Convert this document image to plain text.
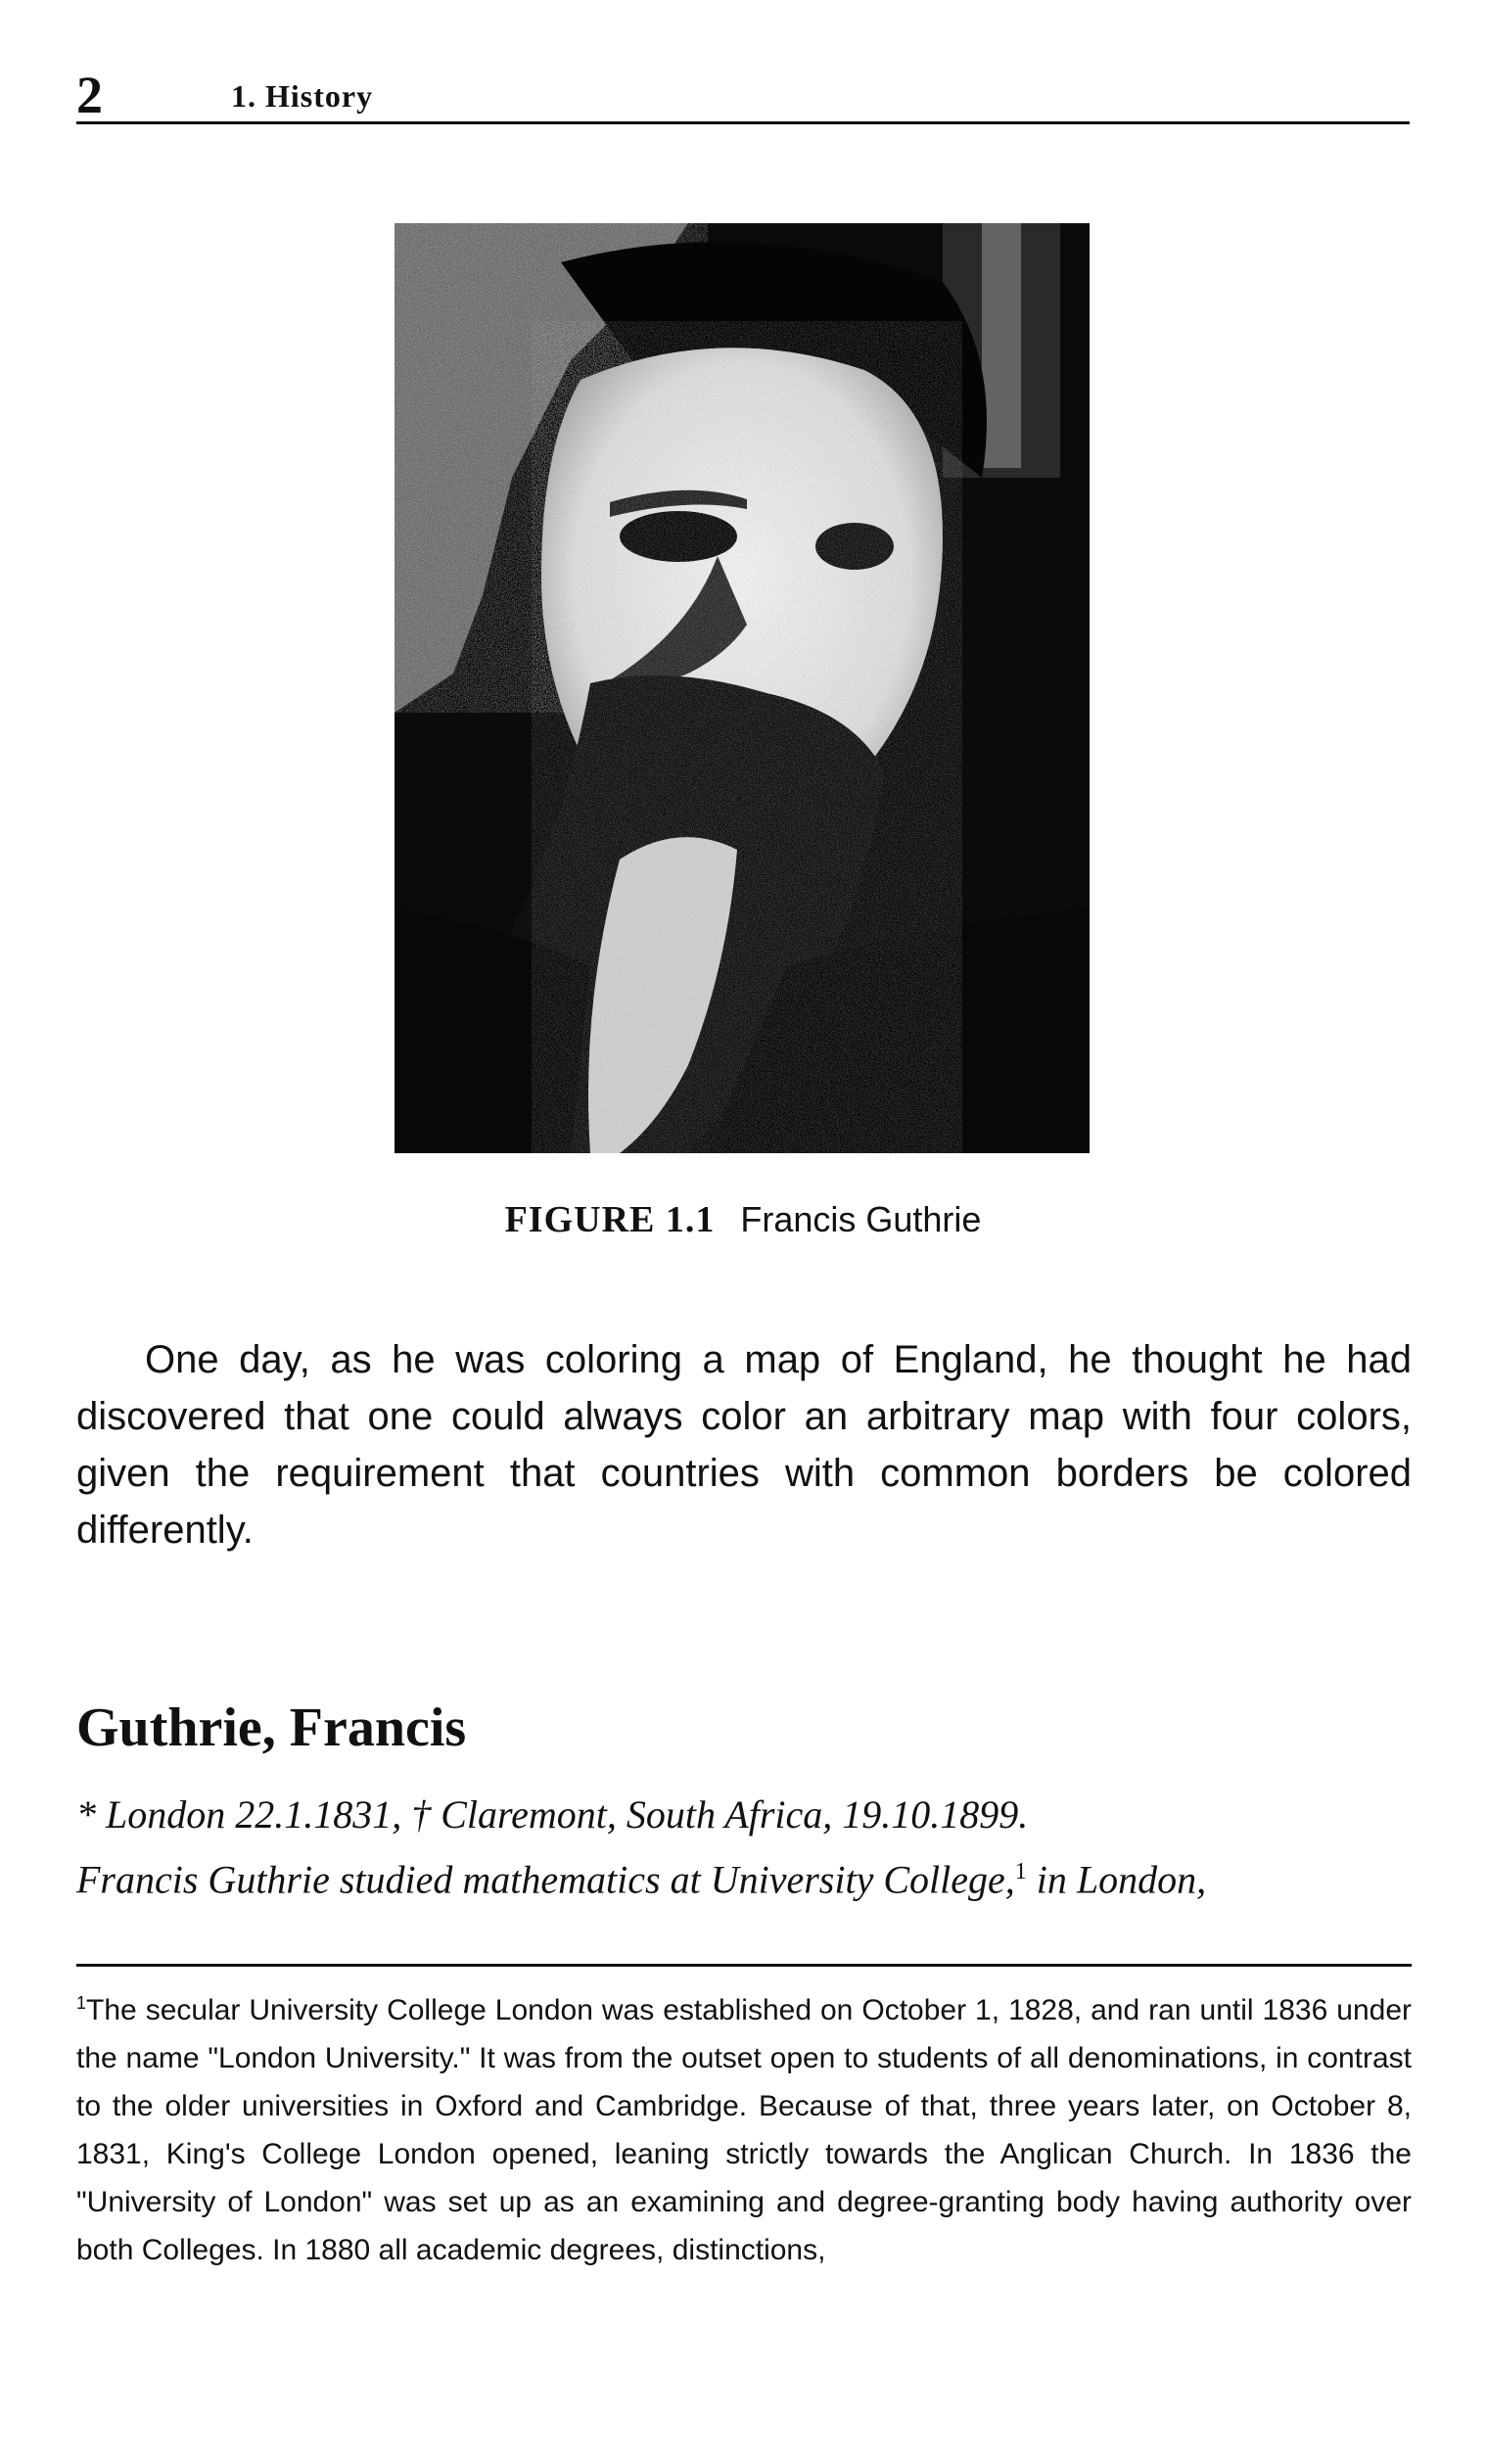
2	1. History
FIGURE 1.1 Francis Guthrie

One day, as he was coloring a map of England, he thought he had discovered that one could always color an arbitrary map with four colors, given the requirement that countries with common borders be colored differently.

Guthrie, Francis
* London 22.1.1831, † Claremont, South Africa, 19.10.1899.
Francis Guthrie studied mathematics at University College,$^1$ in London,

$^1$The secular University College London was established on October 1, 1828, and ran until 1836 under the name "London University." It was from the outset open to students of all denominations, in contrast to the older universities in Oxford and Cambridge. Because of that, three years later, on October 8, 1831, King's College London opened, leaning strictly towards the Anglican Church. In 1836 the "University of London" was set up as an examining and degree-granting body having authority over both Colleges. In 1880 all academic degrees, distinctions,
